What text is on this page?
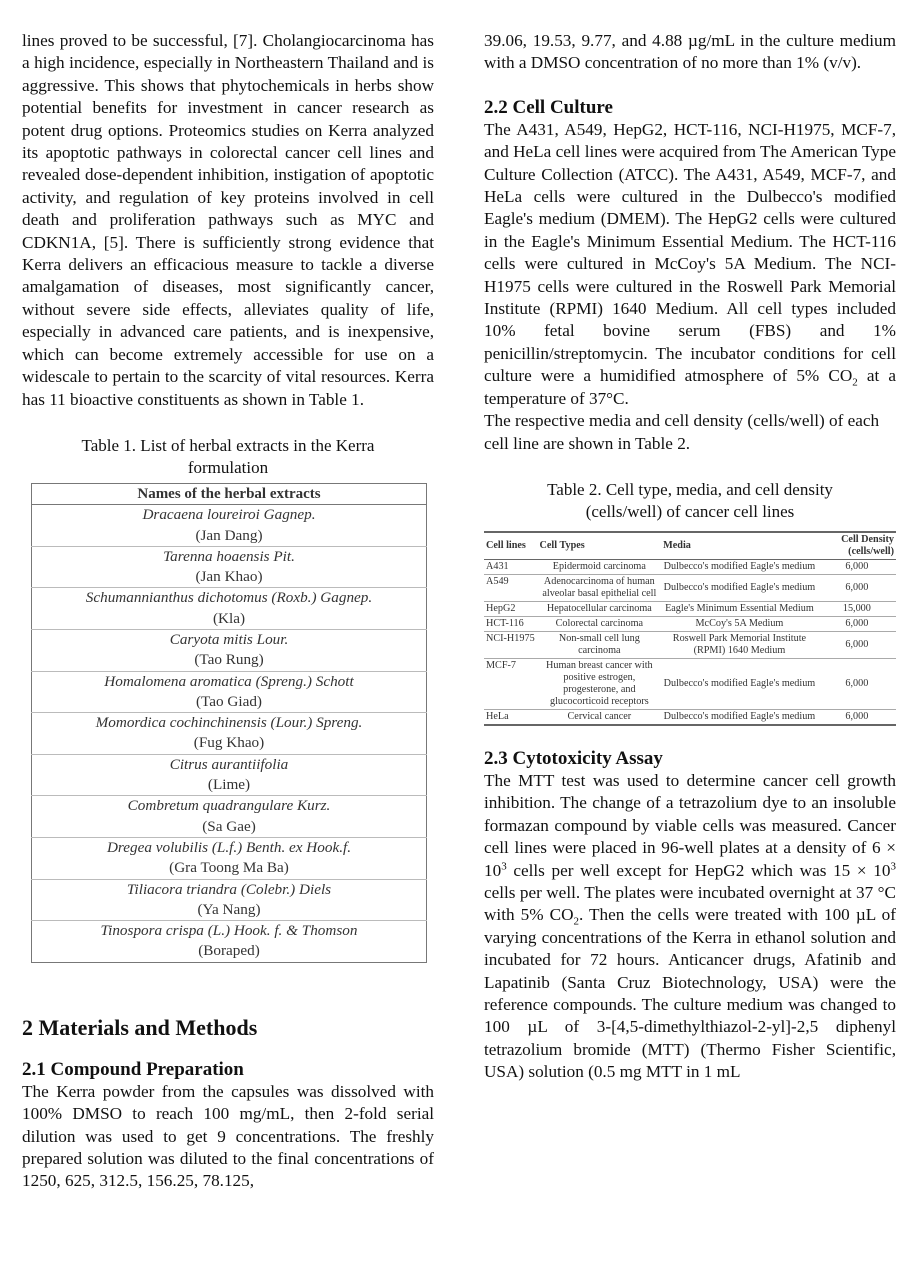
lines proved to be successful, [7]. Cholangiocarcinoma has a high incidence, especially in Northeastern Thailand and is aggressive. This shows that phytochemicals in herbs show potential benefits for investment in cancer research as potent drug options. Proteomics studies on Kerra analyzed its apoptotic pathways in colorectal cancer cell lines and revealed dose-dependent inhibition, instigation of apoptotic activity, and regulation of key proteins involved in cell death and proliferation pathways such as MYC and CDKN1A, [5]. There is sufficiently strong evidence that Kerra delivers an efficacious measure to tackle a diverse amalgamation of diseases, most significantly cancer, without severe side effects, alleviates quality of life, especially in advanced care patients, and is inexpensive, which can become extremely accessible for use on a widescale to pertain to the scarcity of vital resources. Kerra has 11 bioactive constituents as shown in Table 1.

Table 1. List of herbal extracts in the Kerra formulation

Names of the herbal extracts

Dracaena loureiroi Gagnep.
(Jan Dang)

Tarenna hoaensis Pit.
(Jan Khao)

Schumannianthus dichotomus (Roxb.) Gagnep.
(Kla)

Caryota mitis Lour.
(Tao Rung)

Homalomena aromatica (Spreng.) Schott
(Tao Giad)

Momordica cochinchinensis (Lour.) Spreng.
(Fug Khao)

Citrus aurantiifolia
(Lime)

Combretum quadrangulare Kurz.
(Sa Gae)

Dregea volubilis (L.f.) Benth. ex Hook.f.
(Gra Toong Ma Ba)

Tiliacora triandra (Colebr.) Diels
(Ya Nang)

Tinospora crispa (L.) Hook. f. & Thomson
(Boraped)
2 Materials and Methods
2.1 Compound Preparation

The Kerra powder from the capsules was dissolved with 100% DMSO to reach 100 mg/mL, then 2-fold serial dilution was used to get 9 concentrations. The freshly prepared solution was diluted to the final concentrations of 1250, 625, 312.5, 156.25, 78.125,

39.06, 19.53, 9.77, and 4.88 µg/mL in the culture medium with a DMSO concentration of no more than 1% (v/v).

2.2 Cell Culture

The A431, A549, HepG2, HCT-116, NCI-H1975, MCF-7, and HeLa cell lines were acquired from The American Type Culture Collection (ATCC). The A431, A549, MCF-7, and HeLa cells were cultured in the Dulbecco's modified Eagle's medium (DMEM). The HepG2 cells were cultured in the Eagle's Minimum Essential Medium. The HCT-116 cells were cultured in McCoy's 5A Medium. The NCI-H1975 cells were cultured in the Roswell Park Memorial Institute (RPMI) 1640 Medium. All cell types included 10% fetal bovine serum (FBS) and 1% penicillin/streptomycin. The incubator conditions for cell culture were a humidified atmosphere of 5% $CO_2$ at a temperature of 37°C.

The respective media and cell density (cells/well) of each cell line are shown in Table 2.

Table 2. Cell type, media, and cell density (cells/well) of cancer cell lines

Cell lines	Cell Types	Media	Cell Density (cells/well)
A431	Epidermoid carcinoma	Dulbecco's modified Eagle's medium	6,000
A549	Adenocarcinoma of human alveolar basal epithelial cell	Dulbecco's modified Eagle's medium	6,000
HepG2	Hepatocellular carcinoma	Eagle's Minimum Essential Medium	15,000
HCT-116	Colorectal carcinoma	McCoy's 5A Medium	6,000
NCI-H1975	Non-small cell lung carcinoma	Roswell Park Memorial Institute (RPMI) 1640 Medium	6,000
MCF-7	Human breast cancer with positive estrogen, progesterone, and glucocorticoid receptors	Dulbecco's modified Eagle's medium	6,000
HeLa	Cervical cancer	Dulbecco's modified Eagle's medium	6,000
2.3 Cytotoxicity Assay

The MTT test was used to determine cancer cell growth inhibition. The change of a tetrazolium dye to an insoluble formazan compound by viable cells was measured. Cancer cell lines were placed in 96-well plates at a density of $6 \times 10^3$ cells per well except for HepG2 which was $15 \times 10^3$ cells per well. The plates were incubated overnight at 37 °C with 5% $CO_2$. Then the cells were treated with 100 µL of varying concentrations of the Kerra in ethanol solution and incubated for 72 hours. Anticancer drugs, Afatinib and Lapatinib (Santa Cruz Biotechnology, USA) were the reference compounds. The culture medium was changed to 100 µL of 3-[4,5-dimethylthiazol-2-yl]-2,5 diphenyl tetrazolium bromide (MTT) (Thermo Fisher Scientific, USA) solution (0.5 mg MTT in 1 mL
